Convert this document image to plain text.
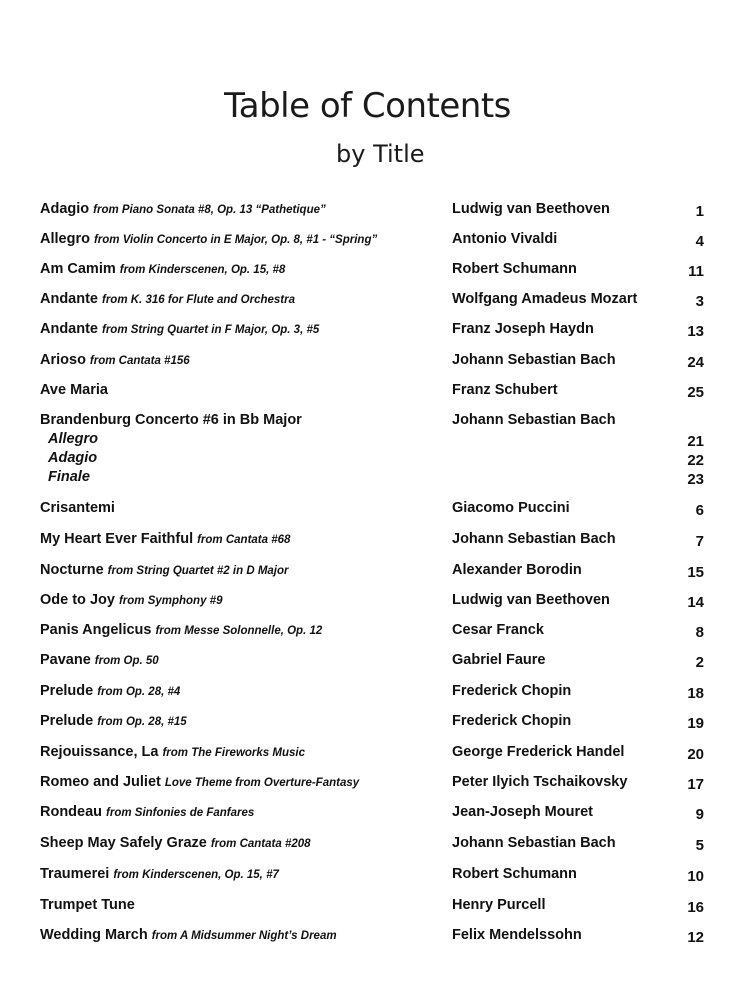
Table of Contents
by Title
Adagio from Piano Sonata #8, Op. 13 “Pathetique”	Ludwig van Beethoven	1
Allegro from Violin Concerto in E Major, Op. 8, #1 - “Spring”	Antonio Vivaldi	4
Am Camim from Kinderscenen, Op. 15, #8	Robert Schumann	11
Andante from K. 316 for Flute and Orchestra	Wolfgang Amadeus Mozart	3
Andante from String Quartet in F Major, Op. 3, #5	Franz Joseph Haydn	13
Arioso from Cantata #156	Johann Sebastian Bach	24
Ave Maria	Franz Schubert	25
Brandenburg Concerto #6 in Bb Major	Johann Sebastian Bach
Allegro	21
Adagio	22
Finale	23
Crisantemi	Giacomo Puccini	6
My Heart Ever Faithful from Cantata #68	Johann Sebastian Bach	7
Nocturne from String Quartet #2 in D Major	Alexander Borodin	15
Ode to Joy from Symphony #9	Ludwig van Beethoven	14
Panis Angelicus from Messe Solonnelle, Op. 12	Cesar Franck	8
Pavane from Op. 50	Gabriel Faure	2
Prelude from Op. 28, #4	Frederick Chopin	18
Prelude from Op. 28, #15	Frederick Chopin	19
Rejouissance, La from The Fireworks Music	George Frederick Handel	20
Romeo and Juliet Love Theme from Overture-Fantasy	Peter Ilyich Tschaikovsky	17
Rondeau from Sinfonies de Fanfares	Jean-Joseph Mouret	9
Sheep May Safely Graze from Cantata #208	Johann Sebastian Bach	5
Traumerei from Kinderscenen, Op. 15, #7	Robert Schumann	10
Trumpet Tune	Henry Purcell	16
Wedding March from A Midsummer Night’s Dream	Felix Mendelssohn	12
